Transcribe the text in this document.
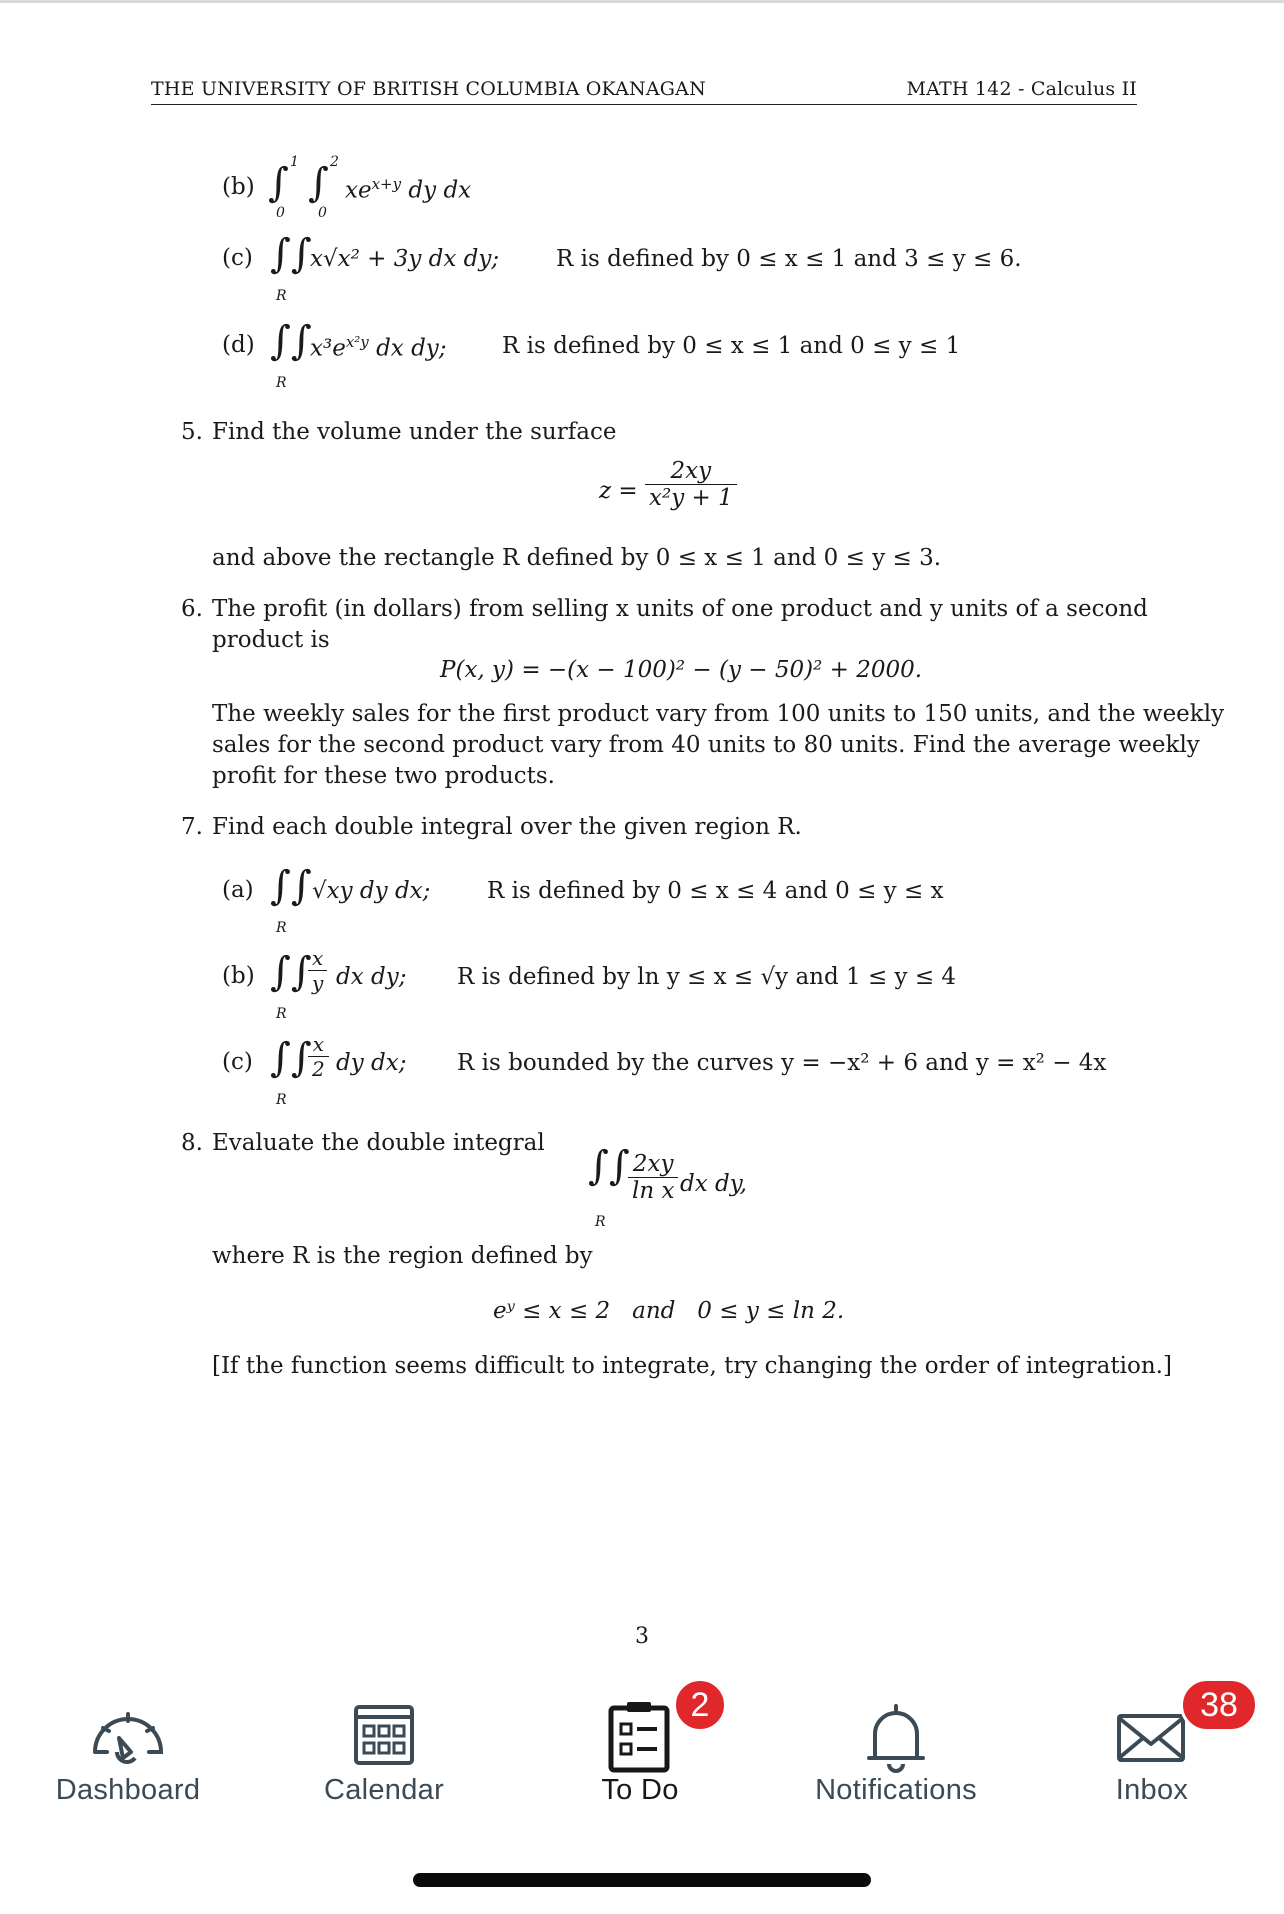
THE UNIVERSITY OF BRITISH COLUMBIA OKANAGAN	MATH 142 - Calculus II

(b) ∫ 1
0
∫ 2
0
$xe^{x+y}$ dy dx
(c) ∫∫
R
x√x² + 3y dx dy; R is defined by 0 ≤ x ≤ 1 and 3 ≤ y ≤ 6.
(d) ∫∫
R
$x^3e^{x^2y}$ dx dy; R is defined by 0 ≤ x ≤ 1 and 0 ≤ y ≤ 1
5. Find the volume under the surface
$z = \frac{2xy}{\text{x²y + 1}}$
and above the rectangle R defined by 0 ≤ x ≤ 1 and 0 ≤ y ≤ 3.
6. The profit (in dollars) from selling x units of one product and y units of a second
product is
P(x, y) = −(x − 100)² − (y − 50)² + 2000.
The weekly sales for the first product vary from 100 units to 150 units, and the weekly
sales for the second product vary from 40 units to 80 units. Find the average weekly
profit for these two products.
7. Find each double integral over the given region R.
(a) ∫∫
R
√xy dy dx; R is defined by 0 ≤ x ≤ 4 and 0 ≤ y ≤ x
(b) ∫∫
R
$\frac{x}{y}$ dx dy; R is defined by ln y ≤ x ≤ √y and 1 ≤ y ≤ 4
(c) ∫∫
R
$\frac{x}{2}$ dy dx; R is bounded by the curves y = −x² + 6 and y = x² − 4x
8. Evaluate the double integral ∫∫
R
$\frac{2xy}{\text{ln x}}$ dx dy,
where R is the region defined by
eʸ ≤ x ≤ 2   and   0 ≤ y ≤ ln 2.
[If the function seems difficult to integrate, try changing the order of integration.]
3
Dashboard	Calendar	To Do
2
Notifications	Inbox
38
